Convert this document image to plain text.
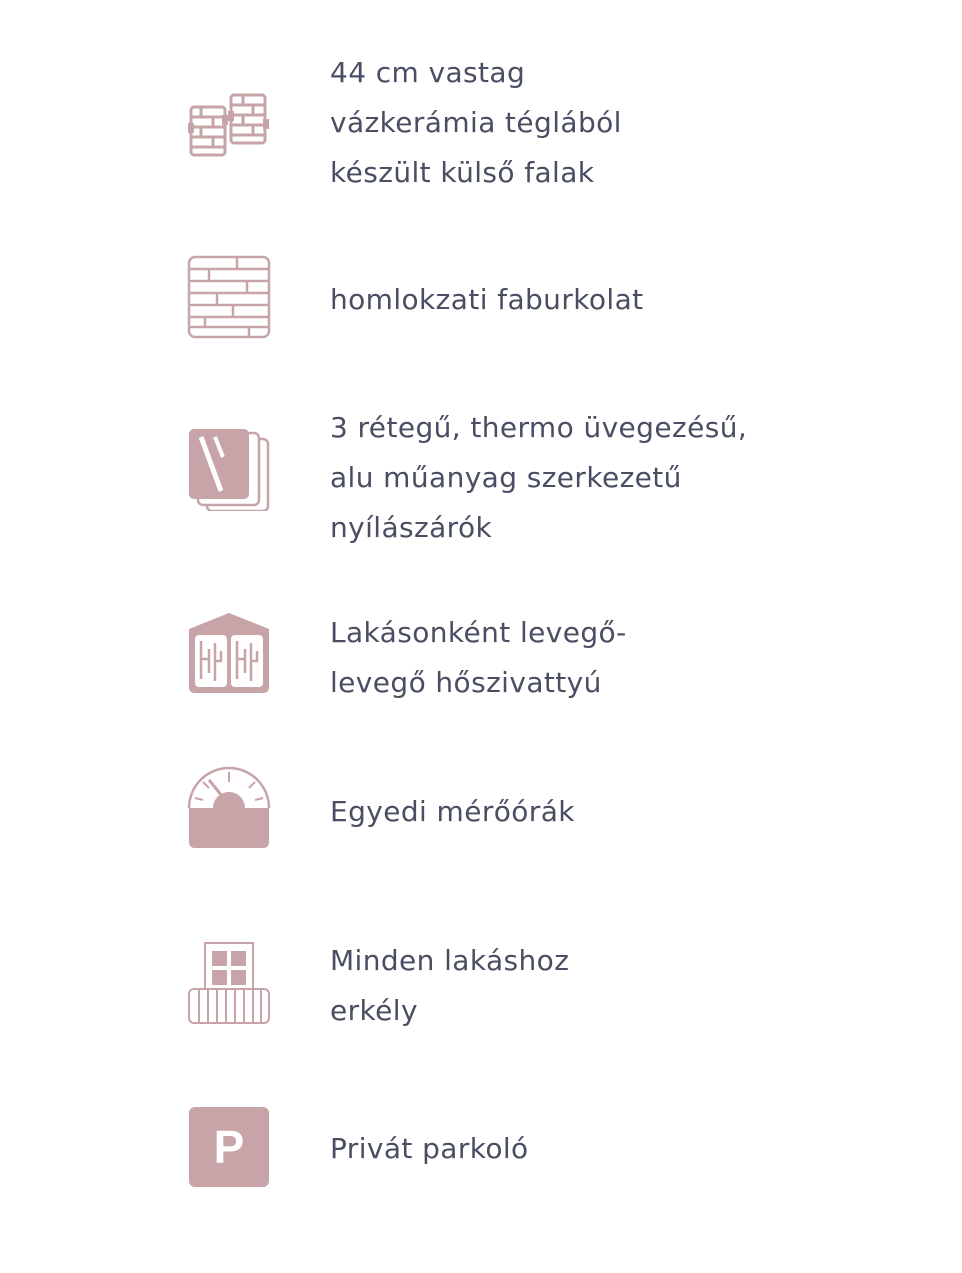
44 cm vastag
vázkerámia téglából
készült külső falak
homlokzati faburkolat
3 rétegű, thermo üvegezésű,
alu műanyag szerkezetű
nyílászárók
Lakásonként levegő-
levegő hőszivattyú
Egyedi mérőórák
Minden lakáshoz
erkély
P	Privát parkoló
